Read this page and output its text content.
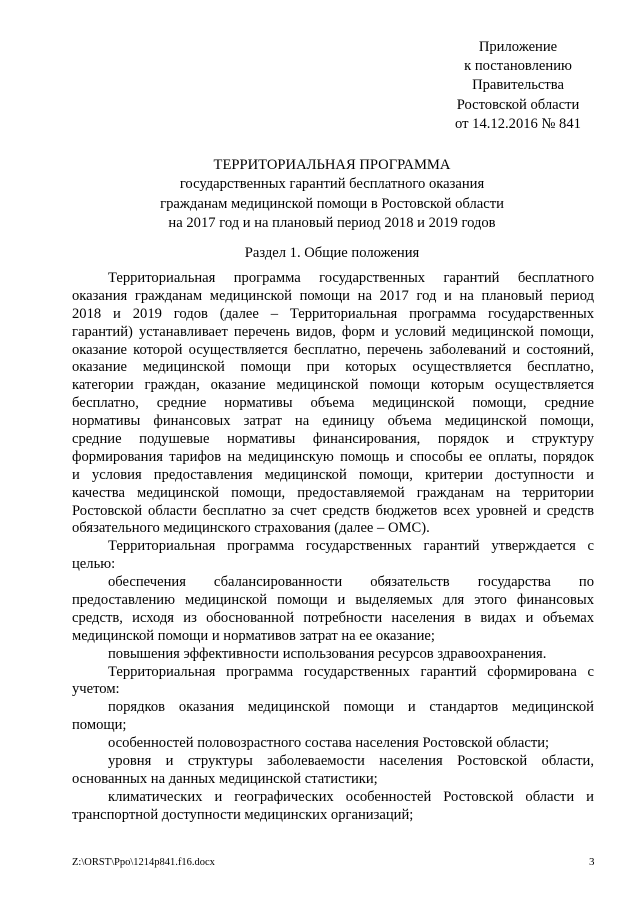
Приложение
к постановлению
Правительства
Ростовской области
от 14.12.2016 № 841
ТЕРРИТОРИАЛЬНАЯ ПРОГРАММА
государственных гарантий бесплатного оказания
гражданам медицинской помощи в Ростовской области
на 2017 год и на плановый период 2018 и 2019 годов
Раздел 1. Общие положения
Территориальная программа государственных гарантий бесплатного
оказания гражданам медицинской помощи на 2017 год и на плановый период
2018 и 2019 годов (далее – Территориальная программа государственных
гарантий) устанавливает перечень видов, форм и условий медицинской помощи,
оказание которой осуществляется бесплатно, перечень заболеваний и состояний,
оказание медицинской помощи при которых осуществляется бесплатно,
категории граждан, оказание медицинской помощи которым осуществляется
бесплатно, средние нормативы объема медицинской помощи, средние
нормативы финансовых затрат на единицу объема медицинской помощи,
средние подушевые нормативы финансирования, порядок и структуру
формирования тарифов на медицинскую помощь и способы ее оплаты, порядок
и условия предоставления медицинской помощи, критерии доступности и
качества медицинской помощи, предоставляемой гражданам на территории
Ростовской области бесплатно за счет средств бюджетов всех уровней и средств
обязательного медицинского страхования (далее – ОМС).
Территориальная программа государственных гарантий утверждается с
целью:
обеспечения сбалансированности обязательств государства по
предоставлению медицинской помощи и выделяемых для этого финансовых
средств, исходя из обоснованной потребности населения в видах и объемах
медицинской помощи и нормативов затрат на ее оказание;
повышения эффективности использования ресурсов здравоохранения.
Территориальная программа государственных гарантий сформирована с
учетом:
порядков оказания медицинской помощи и стандартов медицинской
помощи;
особенностей половозрастного состава населения Ростовской области;
уровня и структуры заболеваемости населения Ростовской области,
основанных на данных медицинской статистики;
климатических и географических особенностей Ростовской области и
транспортной доступности медицинских организаций;
Z:\ORST\Ppo\1214p841.f16.docx	3
